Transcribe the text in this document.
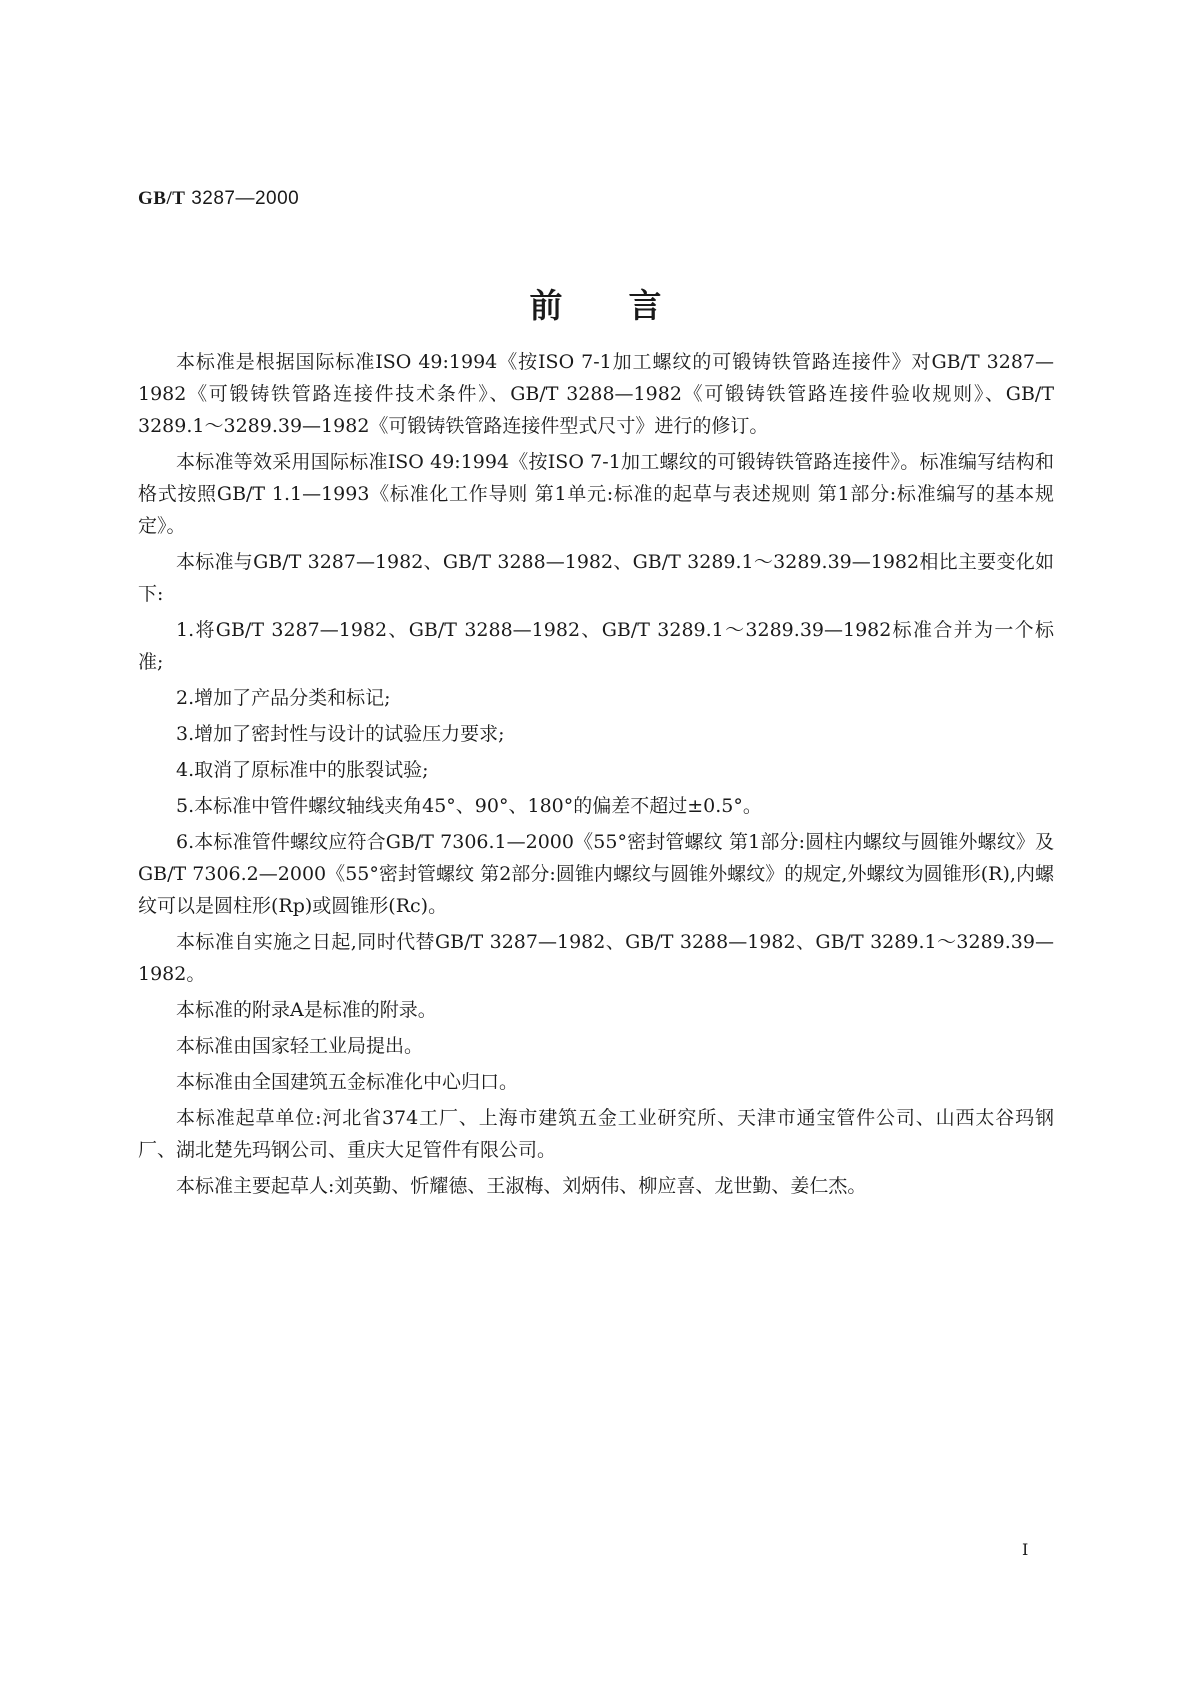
GB/T 3287—2000
前言

本标准是根据国际标准ISO 49:1994《按ISO 7-1加工螺纹的可锻铸铁管路连接件》对GB/T 3287—1982《可锻铸铁管路连接件技术条件》、GB/T 3288—1982《可锻铸铁管路连接件验收规则》、GB/T 3289.1～3289.39—1982《可锻铸铁管路连接件型式尺寸》进行的修订。

本标准等效采用国际标准ISO 49:1994《按ISO 7-1加工螺纹的可锻铸铁管路连接件》。标准编写结构和格式按照GB/T 1.1—1993《标准化工作导则 第1单元:标准的起草与表述规则 第1部分:标准编写的基本规定》。

本标准与GB/T 3287—1982、GB/T 3288—1982、GB/T 3289.1～3289.39—1982相比主要变化如下:

1.将GB/T 3287—1982、GB/T 3288—1982、GB/T 3289.1～3289.39—1982标准合并为一个标准;

2.增加了产品分类和标记;

3.增加了密封性与设计的试验压力要求;

4.取消了原标准中的胀裂试验;

5.本标准中管件螺纹轴线夹角45°、90°、180°的偏差不超过±0.5°。

6.本标准管件螺纹应符合GB/T 7306.1—2000《55°密封管螺纹 第1部分:圆柱内螺纹与圆锥外螺纹》及GB/T 7306.2—2000《55°密封管螺纹 第2部分:圆锥内螺纹与圆锥外螺纹》的规定,外螺纹为圆锥形(R),内螺纹可以是圆柱形(Rp)或圆锥形(Rc)。

本标准自实施之日起,同时代替GB/T 3287—1982、GB/T 3288—1982、GB/T 3289.1～3289.39—1982。

本标准的附录A是标准的附录。

本标准由国家轻工业局提出。

本标准由全国建筑五金标准化中心归口。

本标准起草单位:河北省374工厂、上海市建筑五金工业研究所、天津市通宝管件公司、山西太谷玛钢厂、湖北楚先玛钢公司、重庆大足管件有限公司。

本标准主要起草人:刘英勤、忻耀德、王淑梅、刘炳伟、柳应喜、龙世勤、姜仁杰。

I
